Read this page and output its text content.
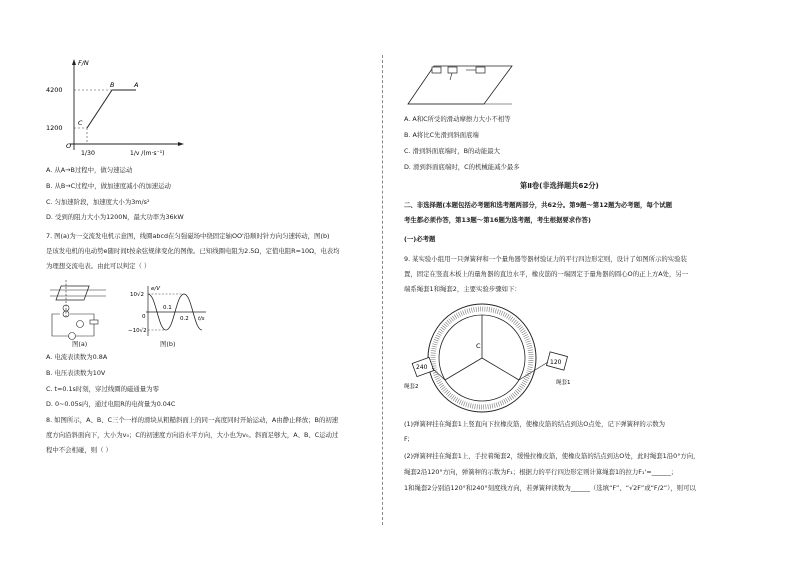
F/N
4200
1200
B	A
C
O
1/30	1/v /(m·s⁻¹)
A. 从A→B过程中，做匀速运动
B. 从B→C过程中，做加速度减小的加速运动
C. 匀加速阶段，加速度大小为3m/s²
D. 受到的阻力大小为1200N，最大功率为36kW
7. 图(a)为一交流发电机示意图，线圈abcd在匀强磁场中绕固定轴OO'沿顺时针方向匀速转动，图(b)
是该发电机的电动势e随时间t按余弦规律变化的图像。已知线圈电阻为2.5Ω，定值电阻R=10Ω，电表均
为理想交流电表。由此可以判定（ ）
图(a)
e/V
10√2
−10√2
0
0.1
0.2 t/s
图(b)
A. 电流表读数为0.8A
B. 电压表读数为10V
C. t=0.1s时刻，穿过线圈的磁通量为零
D. 0~0.05s内，通过电阻R的电荷量为0.04C
8. 如图所示，A、B、C三个一样的滑块从粗糙斜面上的同一高度同时开始运动，A由静止释放；B的初速
度方向沿斜面向下，大小为v₀；C的初速度方向沿水平方向，大小也为v₀。斜面足够大，A、B、C运动过
程中不会相碰，则（ ）
A. A和C所受的滑动摩擦力大小不相等
B. A将比C先滑到斜面底端
C. 滑到斜面底端时，B的动能最大
D. 滑到斜面底端时，C的机械能减少最多
第Ⅱ卷(非选择题共62分)
二、非选择题(本题包括必考题和选考题两部分，共62分。第9题～第12题为必考题，每个试题
考生都必须作答，第13题～第16题为选考题，考生根据要求作答)
(一)必考题
9. 某实验小组用一只弹簧秤和一个量角器等器材验证力的平行四边形定则，设计了如图所示的实验装
置，固定在竖直木板上的量角器的直边水平，橡皮筋的一端固定于量角器的圆心O的正上方A处，另一
端系绳套1和绳套2，主要实验步骤如下：
C
240
120
绳套2
绳套1
(1)弹簧秤挂在绳套1上竖直向下拉橡皮筋，使橡皮筋的结点到达O点处，记下弹簧秤的示数为
F;
(2)弹簧秤挂在绳套1上，手拉着绳套2，缓慢拉橡皮筋，使橡皮筋的结点到达O处，此时绳套1沿0°方向，
绳套2沿120°方向，弹簧秤的示数为F₁；根据力的平行四边形定则计算绳套1的拉力F₁'=______；
1和绳套2分别沿120°和240°刻度线方向，若弹簧秤读数为______（选填“F”、“√2F”或“F/2”），则可以
